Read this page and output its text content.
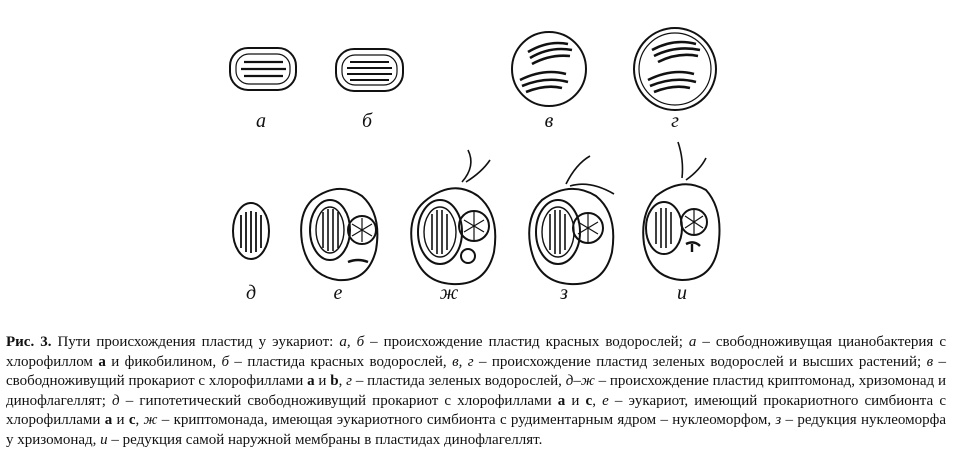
а	б	в	г
д	е	ж	з	и

Рис. 3. Пути происхождения пластид у эукариот: а, б – происхождение пластид красных водорослей; а – свободноживущая цианобактерия с хлорофиллом а и фикобилином, б – пластида красных водорослей, в, г – происхождение пластид зеленых водорослей и высших растений; в – свободноживущий прокариот с хлорофиллами а и b, г – пластида зеленых водорослей, д–ж – происхождение пластид криптомонад, хризомонад и динофлагеллят; д – гипотетический свободноживущий прокариот с хлорофиллами а и с, е – эукариот, имеющий прокариотного симбионта с хлорофиллами а и с, ж – криптомонада, имеющая эукариотного симбионта с рудиментарным ядром – нуклеоморфом, з – редукция нуклеоморфа у хризомонад, и – редукция самой наружной мембраны в пластидах динофлагеллят.
